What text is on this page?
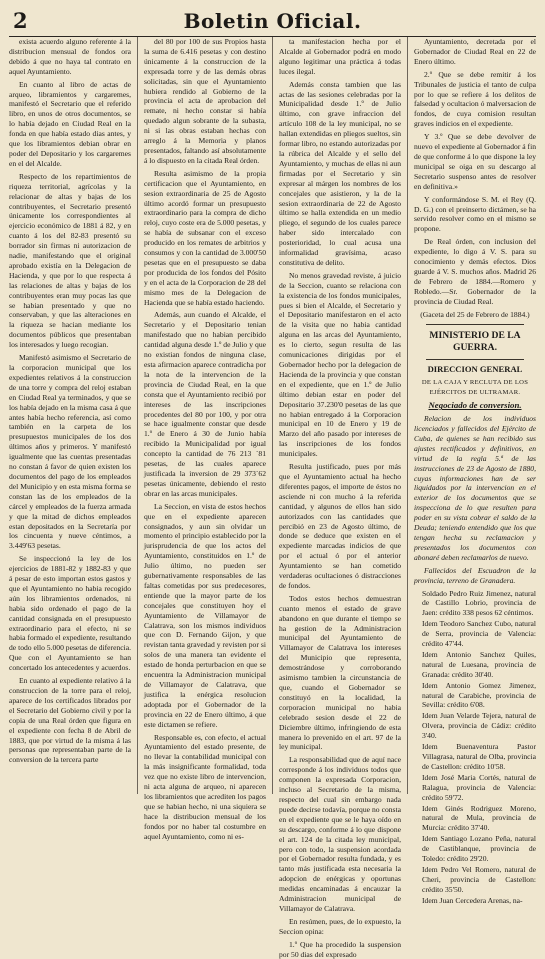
2	Boletin Oficial.

exista acuerdo alguno referente á la distribucion mensual de fondos ora debido á que no haya tal contrato en aquel Ayuntamiento.

En cuanto al libro de actas de arqueo, libramientos y cargaremes, manifestó el Secretario que el referido libro, en unos de otros documentos, se lo había dejado en Ciudad Real en la fonda en que había estado dias antes, y que los libramientos debian obrar en poder del Depositario y los cargaremes en el del Alcalde.

Respecto de los repartimientos de riqueza territorial, agrícolas y la relacionar de altas y bajas de los contribuyentes, el Secretario presentó únicamente los correspondientes al ejercicio económico de 1881 á 82, y en cuanto á los del 82-83 presentó su borrador sin firmas ni autorizacion de nadie, manifestando que el original aprobado existía en la Delegacion de Hacienda, y que por lo que respecta á las relaciones de altas y bajas de los contribuyentes eran muy pocas las que se habian presentado y que no conservaban, y que las alteraciones en la riqueza se hacian mediante los documentos públicos que presentaban los interesados y luego recogian.

Manifestó asimismo el Secretario de la corporacion municipal que los expedientes relativos á la construccion de una torre y compra del reloj estaban en Ciudad Real ya terminados, y que se los había dejado en la misma casa á que antes había hecho referencia, así como también en la carpeta de los presupuestos municipales de los dos últimos años y primeros. Y manifestó igualmente que las cuentas presentadas no constan á favor de quien existen los documentos del pago de los empleados del Municipio y en esta misma forma se constan las de los empleados de la cárcel y empleados de la fuerza armada y que la mitad de dichos empleados estan depositados en la Secretaría por los cincuenta y nueve céntimos, a 3.449'63 pesetas.

Se inspeccionó la ley de los ejercicios de 1881-82 y 1882-83 y que á pesar de esto importan estos gastos y que el Ayuntamiento no habia recogido aún los libramientos ordenados, ni habia sido ordenado el pago de la cantidad consignada en el presupuesto extraordinario para el efecto, ni se habia formado el expediente, resultando de todo ello 5.000 pesetas de diferencia. Que con el Ayuntamiento se han concertado los antecedentes y acuerdos.

En cuanto al expediente relativo á la construccion de la torre para el reloj, aparece de los certificados librados por el Secretario del Gobierno civil y por la copia de una Real órden que figura en el expediente con fecha 8 de Abril de 1883, que por virtud de la misma á las personas que representaban parte de la conversion de la tercera parte

del 80 por 100 de sus Propios hasta la suma de 6.416 pesetas y con destino únicamente á la construccion de la expresada torre y de las demás obras solicitadas, sin que el Ayuntamiento hubiera rendido al Gobierno de la provincia el acta de aprobacion del remate, ni hecho constar si había quedado algun sobrante de la subasta, ni si las obras estaban hechas con arreglo á la Memoria y planos presentados, faltando así absolutamente á lo dispuesto en la citada Real órden.

Resulta asimismo de la propia certificacion que el Ayuntamiento, en sesion extraordinaria de 25 de Agosto último acordó formar un presupuesto extraordinario para la compra de dicho reloj, cuyo coste era de 5.000 pesetas, y se había de subsanar con el exceso producido en los remates de arbitrios y consumos y con la cantidad de 3.000'50 pesetas que en el presupuesto se daba por producida de los fondos del Pósito y en el acta de la Corporacion de 28 del mismo mes de la Delegacion de Hacienda que se había estado haciendo.

Además, aun cuando el Alcalde, el Secretario y el Depositario tenian manifestado que no habian percibido cantidad alguna desde 1.º de Julio y que no existian fondos de ninguna clase, esta afirmacion aparece contradicha por la nota de la intervencion de la provincia de Ciudad Real, en la que consta que el Ayuntamiento recibió por intereses de las inscripciones procedentes del 80 por 100, y por otra se hace igualmente constar que desde 1.º de Enero á 30 de Junio había recibido la Municipalidad por igual concepto la cantidad de 76 213 ´81 pesetas, de las cuales aparece justificada la inversion de 29 373´62 pesetas únicamente, debiendo el resto obrar en las arcas municipales.

La Seccion, en vista de estos hechos que en el expediente aparecen consignados, y aun sin olvidar un momento el principio establecido por la jurisprudencia de que los actos del Ayuntamiento, constituidos en 1.º de Julio último, no pueden ser gubernativamente responsables de las faltas cometidas por sus predecesores, entiende que la mayor parte de los concejales que constituyen hoy el Ayuntamiento de Villamayor de Calatrava, son los mismos individuos que con D. Fernando Gijon, y que revistan tanta gravedad y revisten por si solos de una manera tan evidente el estado de honda perturbacion en que se encuentra la Administracion municipal de Villamayor de Calatrava, que justifica la enérgica resolucion adoptada por el Gobernador de la provincia en 22 de Enero último, á que este dictamen se refiere.

Responsable es, con efecto, el actual Ayuntamiento del estado presente, de no llevar la contabilidad municipal con la más insignificante formalidad, toda vez que no existe libro de intervencion, ni acta alguna de arqueo, ni aparecen los libramientos que acrediten los pagos que se habian hecho, ni una siquiera se hace la distribucion mensual de los fondos por no haber tal costumbre en aquel Ayuntamiento, como ni es-

ta manifestacion hecha por el Alcalde al Gobernador podrá en modo alguno legitimar una práctica á todas luces ilegal.

Además consta tambien que las actas de las sesiones celebradas por la Municipalidad desde 1.º de Julio último, con grave infraccion del artículo 108 de la ley municipal, no se hallan extendidas en pliegos sueltos, sin formar libro, no estando autorizadas por la rúbrica del Alcalde y el sello del Ayuntamiento, y muchas de ellas ni aun firmadas por el Secretario y sin expresar al márgen los nombres de los concejales que asistieron, y la de la sesion extraordinaria de 22 de Agosto último se halla extendida en un medio pliego, el segundo de los cuales parece haber sido intercalado con posterioridad, lo cual acusa una informalidad gravísima, acaso constitutiva de delito.

No menos gravedad reviste, á juicio de la Seccion, cuanto se relaciona con la existencia de los fondos municipales, pues si bien el Alcalde, el Secretario y el Depositario manifestaron en el acto de la visita que no habia cantidad alguna en las arcas del Ayuntamiento, es lo cierto, segun resulta de las comunicaciones dirigidas por el Gobernador hecho por la delegacion de Hacienda de la provincia y que constan en el expediente, que en 1.º de Julio último debian estar en poder del Depositario 37.230'0 pesetas de las que no habian entregado á la Corporacion municipal en 10 de Enero y 19 de Marzo del año pasado por intereses de las inscripciones de los fondos municipales.

Resulta justificado, pues por más que el Ayuntamiento actual ha hecho diferentes pagos, el importe de éstos no asciende ni con mucho á la referida cantidad, y algunos de ellos han sido autorizados con las cantidades que percibió en 23 de Agosto último, de donde se deduce que existen en el expediente marcadas indicios de que por el actual ó por el anterior Ayuntamiento se han cometido verdaderas ocultaciones ó distracciones de fondos.

Todos estos hechos demuestran cuanto menos el estado de grave abandono en que durante el tiempo se ha gestion de la Administracion municipal del Ayuntamiento de Villamayor de Calatrava los intereses del Municipio que representa, demostrándose y corroborando asimismo tambien la circunstancia de que, cuando el Gobernador se constituyó en la localidad, la corporacion municipal no habia celebrado sesion desde el 22 de Diciembre último, infringiendo de esta manera lo prevenido en el art. 97 de la ley municipal.

La responsabilidad que de aquí nace corresponde á los individuos todos que componen la expresada Corporacion, incluso al Secretario de la misma, respecto del cual sin embargo nada puede decirse todavía, porque no consta en el expediente que se le haya oído en su descargo, conforme á lo que dispone el art. 124 de la citada ley municipal, pero con todo, la suspension acordada por el Gobernador resulta fundada, y es tanto más justificada esta necesaria la adopcion de enérgicas y oportunas medidas encaminadas á encauzar la Administracion municipal de Villamayor de Calatrava.

En resúmen, pues, de lo expuesto, la Seccion opina:

1.º Que ha procedido la suspension por 50 dias del expresado

Ayuntamiento, decretada por el Gobernador de Ciudad Real en 22 de Enero último.

2.º Que se debe remitir á los Tribunales de justicia el tanto de culpa por lo que se refiere á los delitos de falsedad y ocultacion ó malversacion de fondos, de cuya comision resultan graves indicios en el expediente.

Y 3.º Que se debe devolver de nuevo el expediente al Gobernador á fin de que conforme á lo que dispone la ley municipal se oiga en su descargo al Secretario suspenso antes de resolver en definitiva.»

Y conformándose S. M. el Rey (Q. D. G.) con el preinserto dictámen, se ha servido resolver como en el mismo se propone.

De Real órden, con inclusion del expediente, lo digo á V. S. para su conocimiento y demás efectos. Dios guarde á V. S. muchos años. Madrid 26 de Febrero de 1884.—Romero y Robledo.—Sr. Gobernador de la provincia de Ciudad Real.

(Gaceta del 25 de Febrero de 1884.)

MINISTERIO DE LA GUERRA.

DIRECCION GENERAL

DE LA CAJA Y RECLUTA DE LOS EJÉRCITOS DE ULTRAMAR.

Negociado de conversion.

Relacion de los individuos licenciados y fallecidos del Ejército de Cuba, de quienes se han recibido sus ajustes rectificados y definitivos, en virtud de la regla 5.ª de las instrucciones de 23 de Agosto de 1880, cuyas informaciones han de ser liquidados por la intervencion en el exterior de los documentos que se inspecciona de lo que resulten para poder en su vista cobrar el saldo de la Deuda; teniendo entendido que los que tengan hecha su reclamacion y presentados los documentos con abonaré deben reclamarlos de nuevo.

Fallecidos del Escuadron de la provincia, terreno de Granadera.

Soldado Pedro Ruiz Jimenez, natural de Castillo Lobrio, provincia de Jaen: crédito 338 pesos 62 céntimos.

Idem Teodoro Sanchez Cubo, natural de Serra, provincia de Valencia: crédito 47'44.

Idem Antonio Sanchez Quiles, natural de Luesana, provincia de Granada: crédito 30'40.

Idem Antonio Gomez Jimenez, natural de Carabiche, provincia de Sevilla: crédito 6'08.

Idem Juan Velarde Tejera, natural de Olvera, provincia de Cádiz: crédito 3'40.

Idem Buenaventura Pastor Villagrasa, natural de Olba, provincia de Castellon: crédito 10'58.

Idem José Maria Cortés, natural de Ralagua, provincia de Valencia: crédito 59'72.

Idem Ginés Rodriguez Moreno, natural de Mula, provincia de Murcia: crédito 37'40.

Idem Santiago Lozano Peña, natural de Castiblanque, provincia de Toledo: crédito 29'20.

Idem Pedro Vel Romero, natural de Cheri, provincia de Castellon: crédito 35'50.

Idem Juan Cercedera Arenas, na-
